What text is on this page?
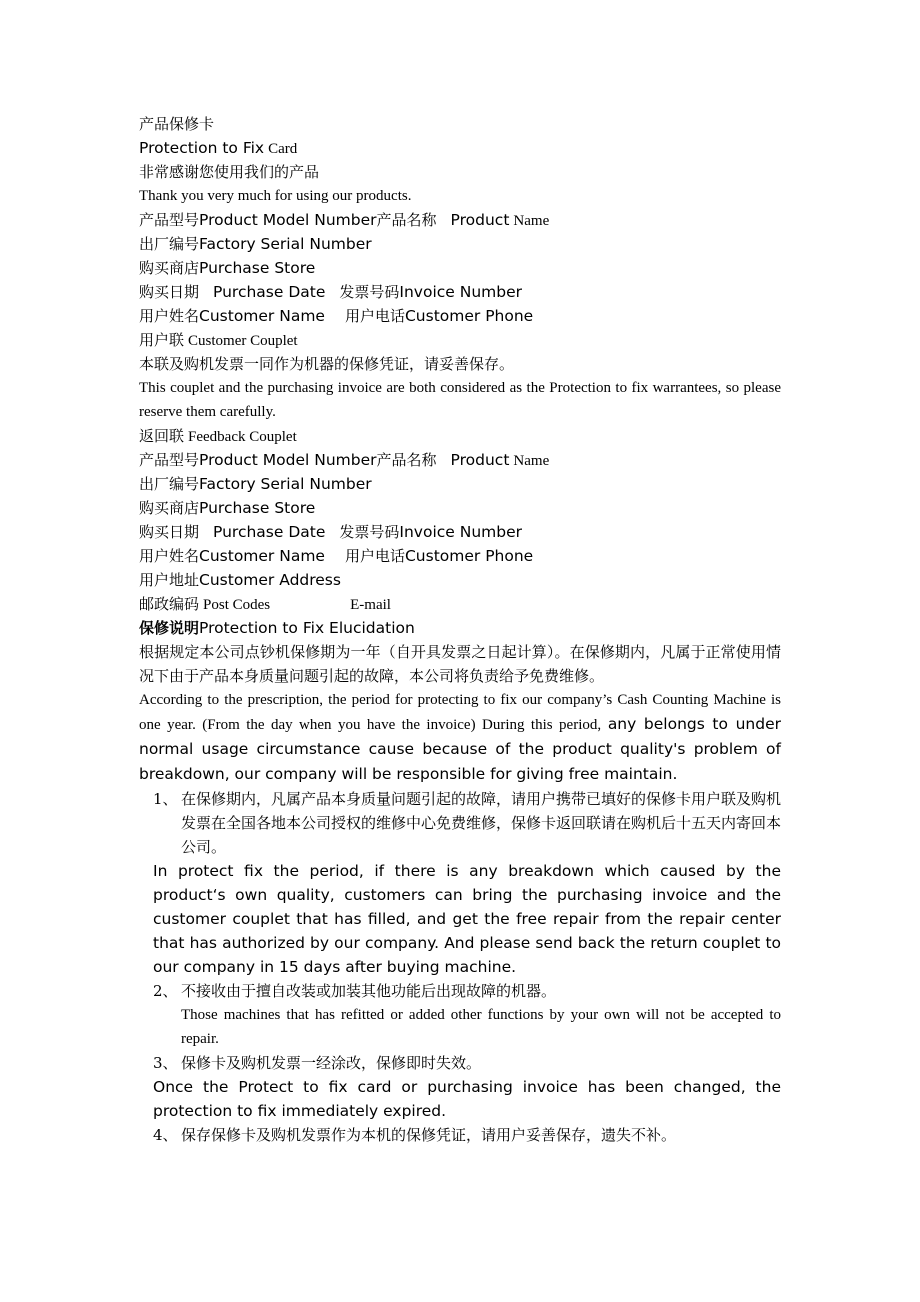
产品保修卡
Protection to Fix Card
非常感谢您使用我们的产品
Thank you very much for using our products.
产品型号Product Model Number产品名称 Product Name
出厂编号Factory Serial Number
购买商店Purchase Store
购买日期 Purchase Date 发票号码Invoice Number
用户姓名Customer Name 用户电话Customer Phone
用户联 Customer Couplet
本联及购机发票一同作为机器的保修凭证，请妥善保存。
This couplet and the purchasing invoice are both considered as the Protection to fix warrantees, so please reserve them carefully.
返回联 Feedback Couplet
产品型号Product Model Number产品名称 Product Name
出厂编号Factory Serial Number
购买商店Purchase Store
购买日期 Purchase Date 发票号码Invoice Number
用户姓名Customer Name 用户电话Customer Phone
用户地址Customer Address
邮政编码 Post Codes	E-mail
保修说明Protection to Fix Elucidation
根据规定本公司点钞机保修期为一年（自开具发票之日起计算）。在保修期内，凡属于正常使用情况下由于产品本身质量问题引起的故障，本公司将负责给予免费维修。
According to the prescription, the period for protecting to fix our company’s Cash Counting Machine is one year. (From the day when you have the invoice) During this period, any belongs to under normal usage circumstance cause because of the product quality's problem of breakdown, our company will be responsible for giving free maintain.
1、 在保修期内，凡属产品本身质量问题引起的故障，请用户携带已填好的保修卡用户联及购机发票在全国各地本公司授权的维修中心免费维修，保修卡返回联请在购机后十五天内寄回本公司。
In protect fix the period, if there is any breakdown which caused by the product‘s own quality, customers can bring the purchasing invoice and the customer couplet that has filled, and get the free repair from the repair center that has authorized by our company. And please send back the return couplet to our company in 15 days after buying machine.
2、 不接收由于擅自改装或加装其他功能后出现故障的机器。
Those machines that has refitted or added other functions by your own will not be accepted to repair.
3、 保修卡及购机发票一经涂改，保修即时失效。
Once the Protect to fix card or purchasing invoice has been changed, the protection to fix immediately expired.
4、 保存保修卡及购机发票作为本机的保修凭证，请用户妥善保存，遗失不补。
